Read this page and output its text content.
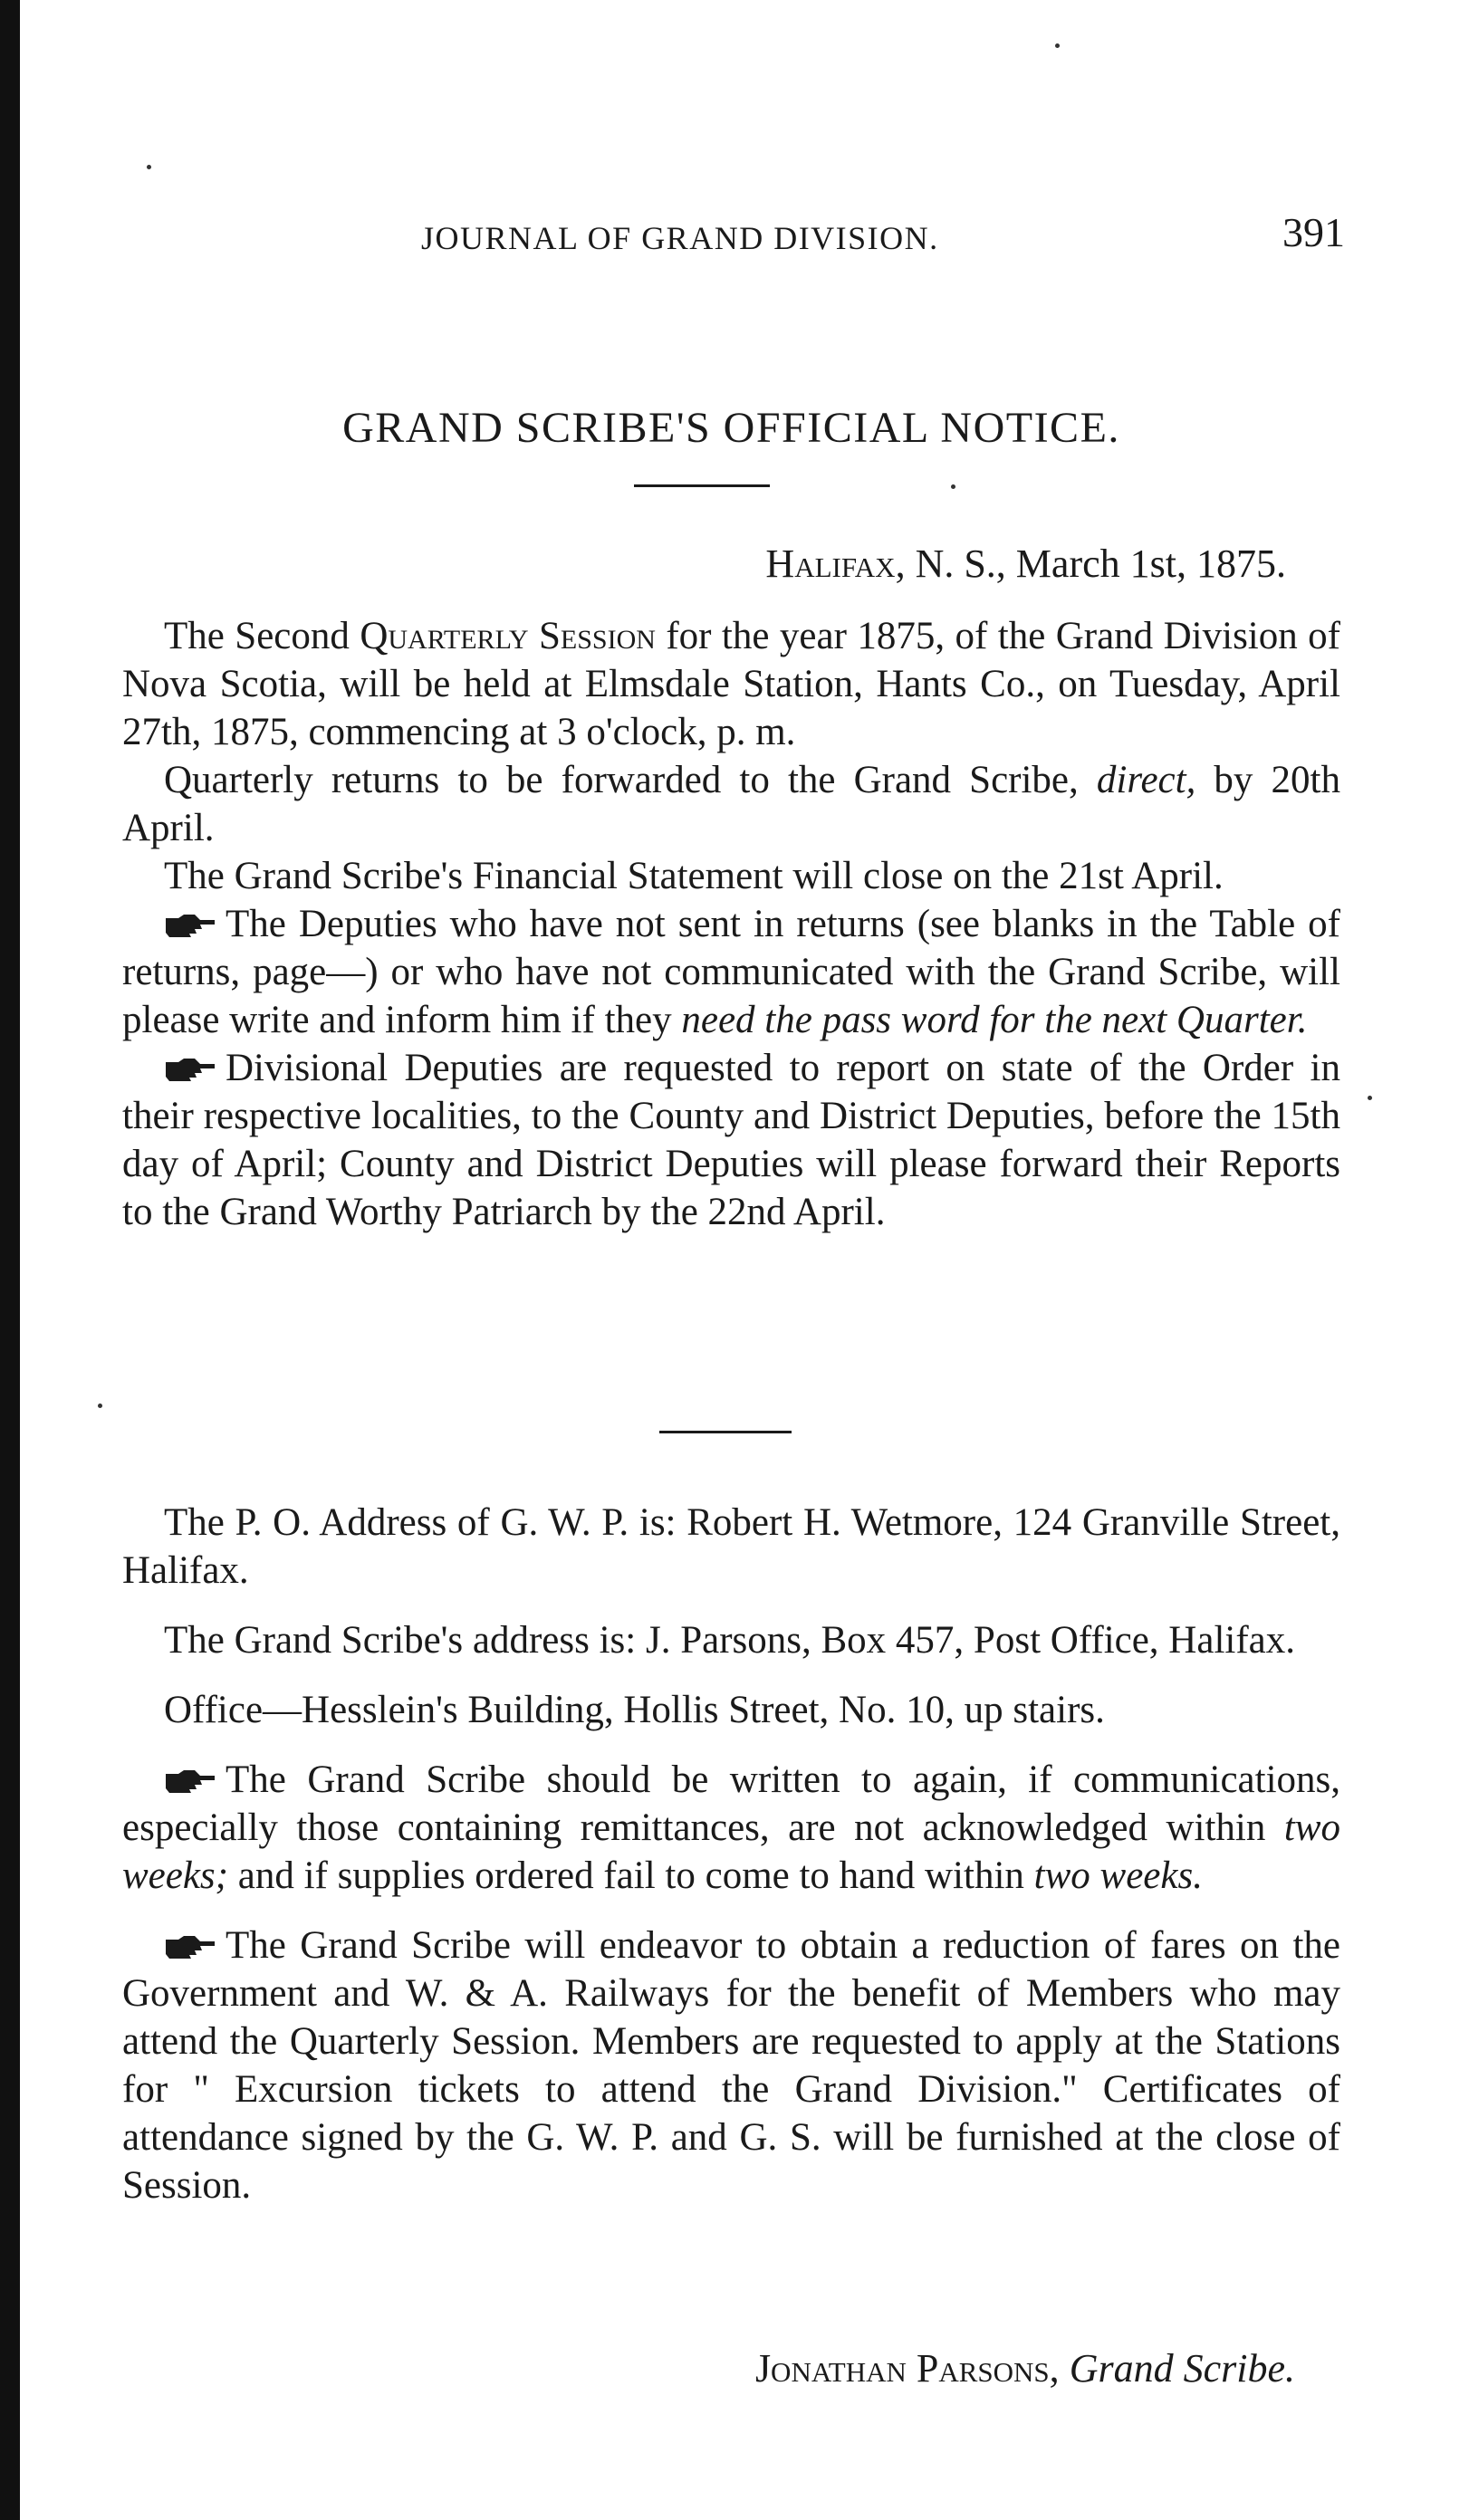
JOURNAL OF GRAND DIVISION.	391
GRAND SCRIBE'S OFFICIAL NOTICE.
Halifax, N. S., March 1st, 1875.

The Second Quarterly Session for the year 1875, of the Grand Division of Nova Scotia, will be held at Elmsdale Station, Hants Co., on Tuesday, April 27th, 1875, commencing at 3 o'clock, p. m.

Quarterly returns to be forwarded to the Grand Scribe, direct, by 20th April.

The Grand Scribe's Financial Statement will close on the 21st April.

The Deputies who have not sent in returns (see blanks in the Table of returns, page—) or who have not communicated with the Grand Scribe, will please write and inform him if they need the pass word for the next Quarter.

Divisional Deputies are requested to report on state of the Order in their respective localities, to the County and District Deputies, before the 15th day of April; County and District Deputies will please forward their Reports to the Grand Worthy Patriarch by the 22nd April.

The P. O. Address of G. W. P. is: Robert H. Wetmore, 124 Granville Street, Halifax.

The Grand Scribe's address is: J. Parsons, Box 457, Post Office, Halifax.

Office—Hesslein's Building, Hollis Street, No. 10, up stairs.

The Grand Scribe should be written to again, if communications, especially those containing remittances, are not acknowledged within two weeks; and if supplies ordered fail to come to hand within two weeks.

The Grand Scribe will endeavor to obtain a reduction of fares on the Government and W. & A. Railways for the benefit of Members who may attend the Quarterly Session. Members are requested to apply at the Stations for " Excursion tickets to attend the Grand Division." Certificates of attendance signed by the G. W. P. and G. S. will be furnished at the close of Session.

Jonathan Parsons, Grand Scribe.
